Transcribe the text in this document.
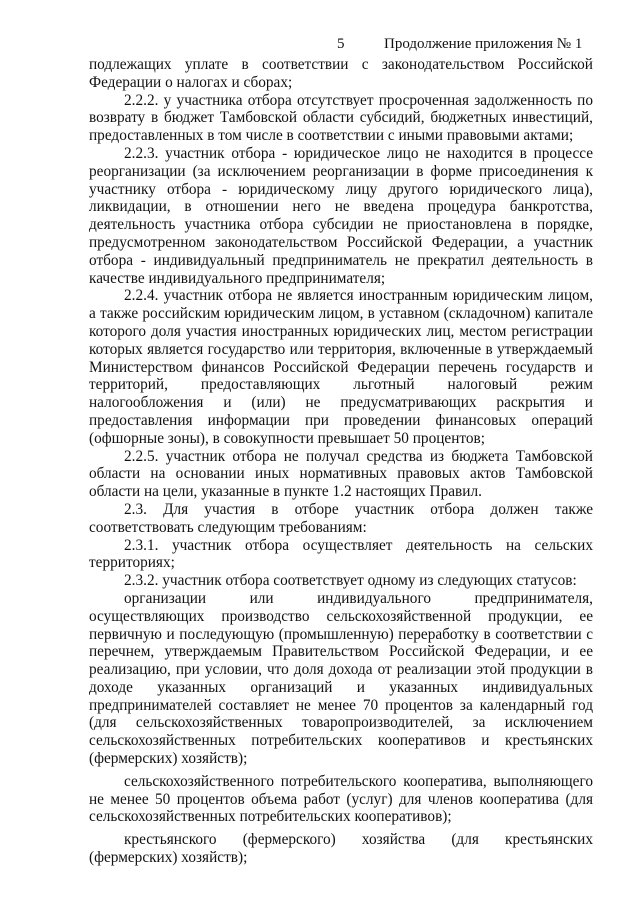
5	Продолжение приложения № 1

подлежащих уплате в соответствии с законодательством Российской Федерации о налогах и сборах;

2.2.2. у участника отбора отсутствует просроченная задолженность по возврату в бюджет Тамбовской области субсидий, бюджетных инвестиций, предоставленных в том числе в соответствии с иными правовыми актами;

2.2.3. участник отбора - юридическое лицо не находится в процессе реорганизации (за исключением реорганизации в форме присоединения к участнику отбора - юридическому лицу другого юридического лица), ликвидации, в отношении него не введена процедура банкротства, деятельность участника отбора субсидии не приостановлена в порядке, предусмотренном законодательством Российской Федерации, а участник отбора - индивидуальный предприниматель не прекратил деятельность в качестве индивидуального предпринимателя;

2.2.4. участник отбора не является иностранным юридическим лицом, а также российским юридическим лицом, в уставном (складочном) капитале которого доля участия иностранных юридических лиц, местом регистрации которых является государство или территория, включенные в утверждаемый Министерством финансов Российской Федерации перечень государств и территорий, предоставляющих льготный налоговый режим налогообложения и (или) не предусматривающих раскрытия и предоставления информации при проведении финансовых операций (офшорные зоны), в совокупности превышает 50 процентов;

2.2.5. участник отбора не получал средства из бюджета Тамбовской области на основании иных нормативных правовых актов Тамбовской области на цели, указанные в пункте 1.2 настоящих Правил.

2.3. Для участия в отборе участник отбора должен также соответствовать следующим требованиям:

2.3.1. участник отбора осуществляет деятельность на сельских территориях;

2.3.2. участник отбора соответствует одному из следующих статусов:

организации или индивидуального предпринимателя, осуществляющих производство сельскохозяйственной продукции, ее первичную и последующую (промышленную) переработку в соответствии с перечнем, утверждаемым Правительством Российской Федерации, и ее реализацию, при условии, что доля дохода от реализации этой продукции в доходе указанных организаций и указанных индивидуальных предпринимателей составляет не менее 70 процентов за календарный год (для сельскохозяйственных товаропроизводителей, за исключением сельскохозяйственных потребительских кооперативов и крестьянских (фермерских) хозяйств);

сельскохозяйственного потребительского кооператива, выполняющего не менее 50 процентов объема работ (услуг) для членов кооператива (для сельскохозяйственных потребительских кооперативов);

крестьянского (фермерского) хозяйства (для крестьянских (фермерских) хозяйств);
